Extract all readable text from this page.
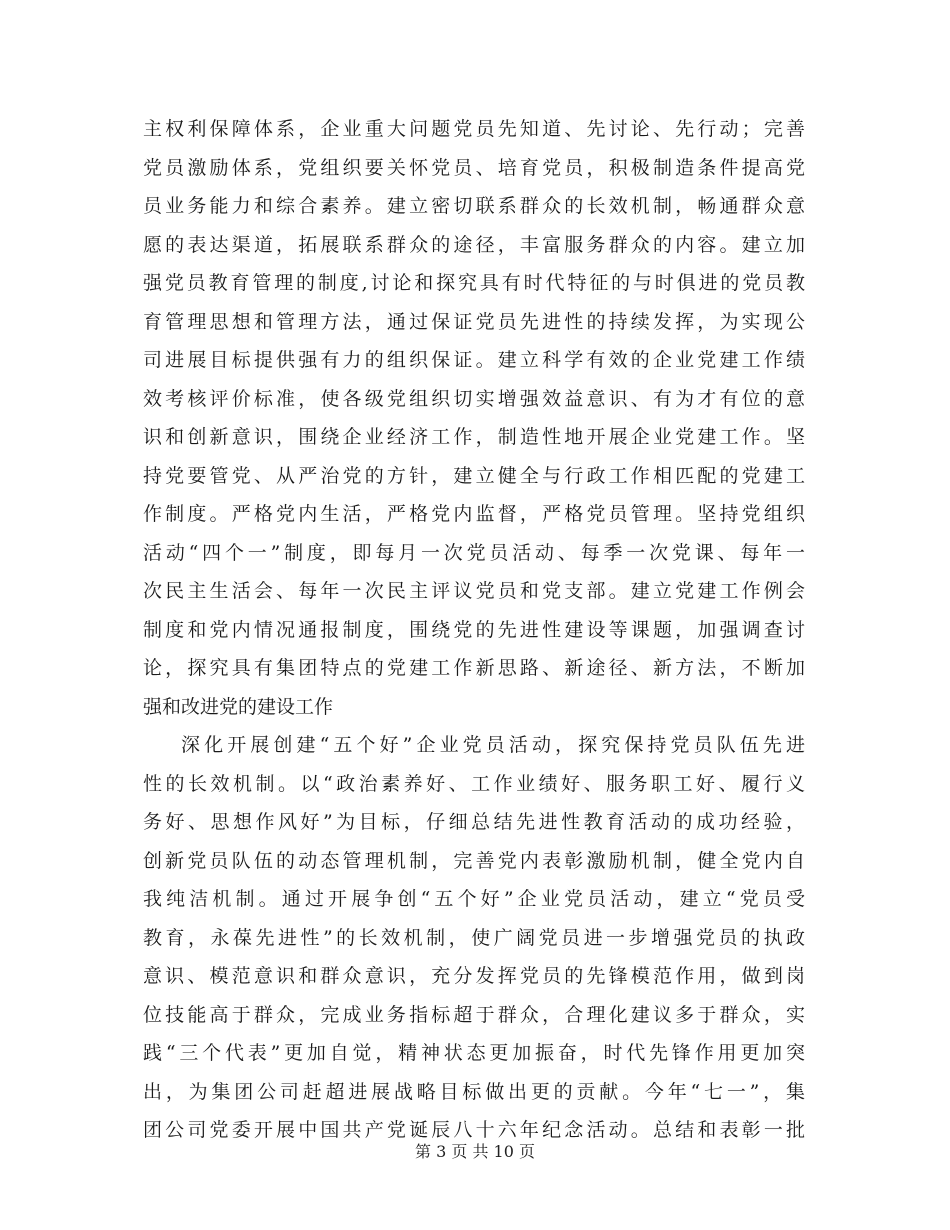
主权利保障体系，企业重大问题党员先知道、先讨论、先行动；完善
党员激励体系，党组织要关怀党员、培育党员，积极制造条件提高党
员业务能力和综合素养。建立密切联系群众的长效机制，畅通群众意
愿的表达渠道，拓展联系群众的途径，丰富服务群众的内容。建立加
强党员教育管理的制度,讨论和探究具有时代特征的与时俱进的党员教
育管理思想和管理方法，通过保证党员先进性的持续发挥，为实现公
司进展目标提供强有力的组织保证。建立科学有效的企业党建工作绩
效考核评价标准，使各级党组织切实增强效益意识、有为才有位的意
识和创新意识，围绕企业经济工作，制造性地开展企业党建工作。坚
持党要管党、从严治党的方针，建立健全与行政工作相匹配的党建工
作制度。严格党内生活，严格党内监督，严格党员管理。坚持党组织
活动“四个一”制度，即每月一次党员活动、每季一次党课、每年一
次民主生活会、每年一次民主评议党员和党支部。建立党建工作例会
制度和党内情况通报制度，围绕党的先进性建设等课题，加强调查讨
论，探究具有集团特点的党建工作新思路、新途径、新方法，不断加
强和改进党的建设工作
深化开展创建“五个好”企业党员活动，探究保持党员队伍先进
性的长效机制。以“政治素养好、工作业绩好、服务职工好、履行义
务好、思想作风好”为目标，仔细总结先进性教育活动的成功经验，
创新党员队伍的动态管理机制，完善党内表彰激励机制，健全党内自
我纯洁机制。通过开展争创“五个好”企业党员活动，建立“党员受
教育，永葆先进性”的长效机制，使广阔党员进一步增强党员的执政
意识、模范意识和群众意识，充分发挥党员的先锋模范作用，做到岗
位技能高于群众，完成业务指标超于群众，合理化建议多于群众，实
践“三个代表”更加自觉，精神状态更加振奋，时代先锋作用更加突
出，为集团公司赶超进展战略目标做出更的贡献。今年“七一”，集
团公司党委开展中国共产党诞辰八十六年纪念活动。总结和表彰一批
第 3 页 共 10 页
